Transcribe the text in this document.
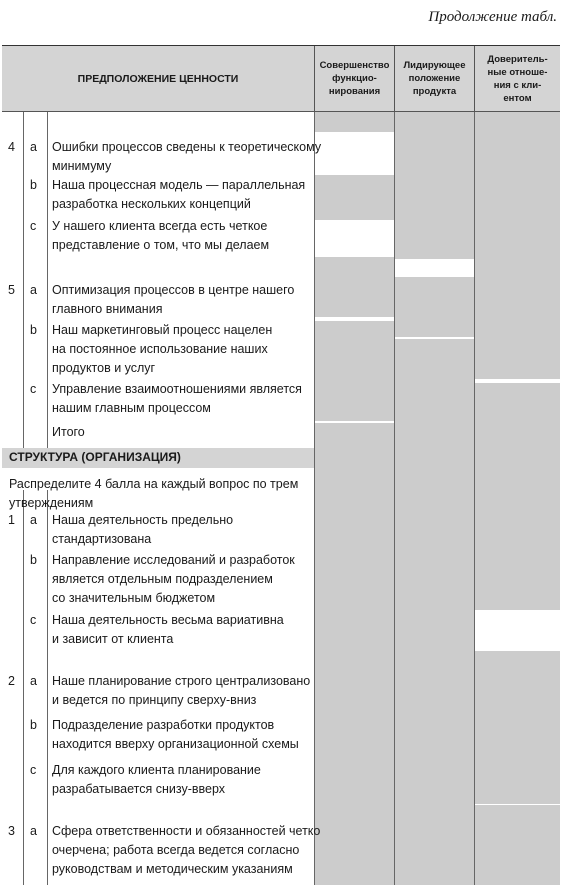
Продолжение табл.
ПРЕДПОЛОЖЕНИЕ ЦЕННОСТИ
Совершенство
функцио-
нирования
Лидирующее
положение
продукта
Доверитель-
ные отноше-
ния с кли-
ентом
СТРУКТУРА (ОРГАНИЗАЦИЯ)
Распределите 4 балла на каждый вопрос по трем
утверждениям
4 a Ошибки процессов сведены к теоретическому
минимуму
b Наша процессная модель — параллельная
разработка нескольких концепций
c У нашего клиента всегда есть четкое
представление о том, что мы делаем
5 a Оптимизация процессов в центре нашего
главного внимания
b Наш маркетинговый процесс нацелен
на постоянное использование наших
продуктов и услуг
c Управление взаимоотношениями является
нашим главным процессом
Итого
1 a Наша деятельность предельно
стандартизована
b Направление исследований и разработок
является отдельным подразделением
со значительным бюджетом
c Наша деятельность весьма вариативна
и зависит от клиента
2 a Наше планирование строго централизовано
и ведется по принципу сверху-вниз
b Подразделение разработки продуктов
находится вверху организационной схемы
c Для каждого клиента планирование
разрабатывается снизу-вверх
3 a Сфера ответственности и обязанностей четко
очерчена; работа всегда ведется согласно
руководствам и методическим указаниям
